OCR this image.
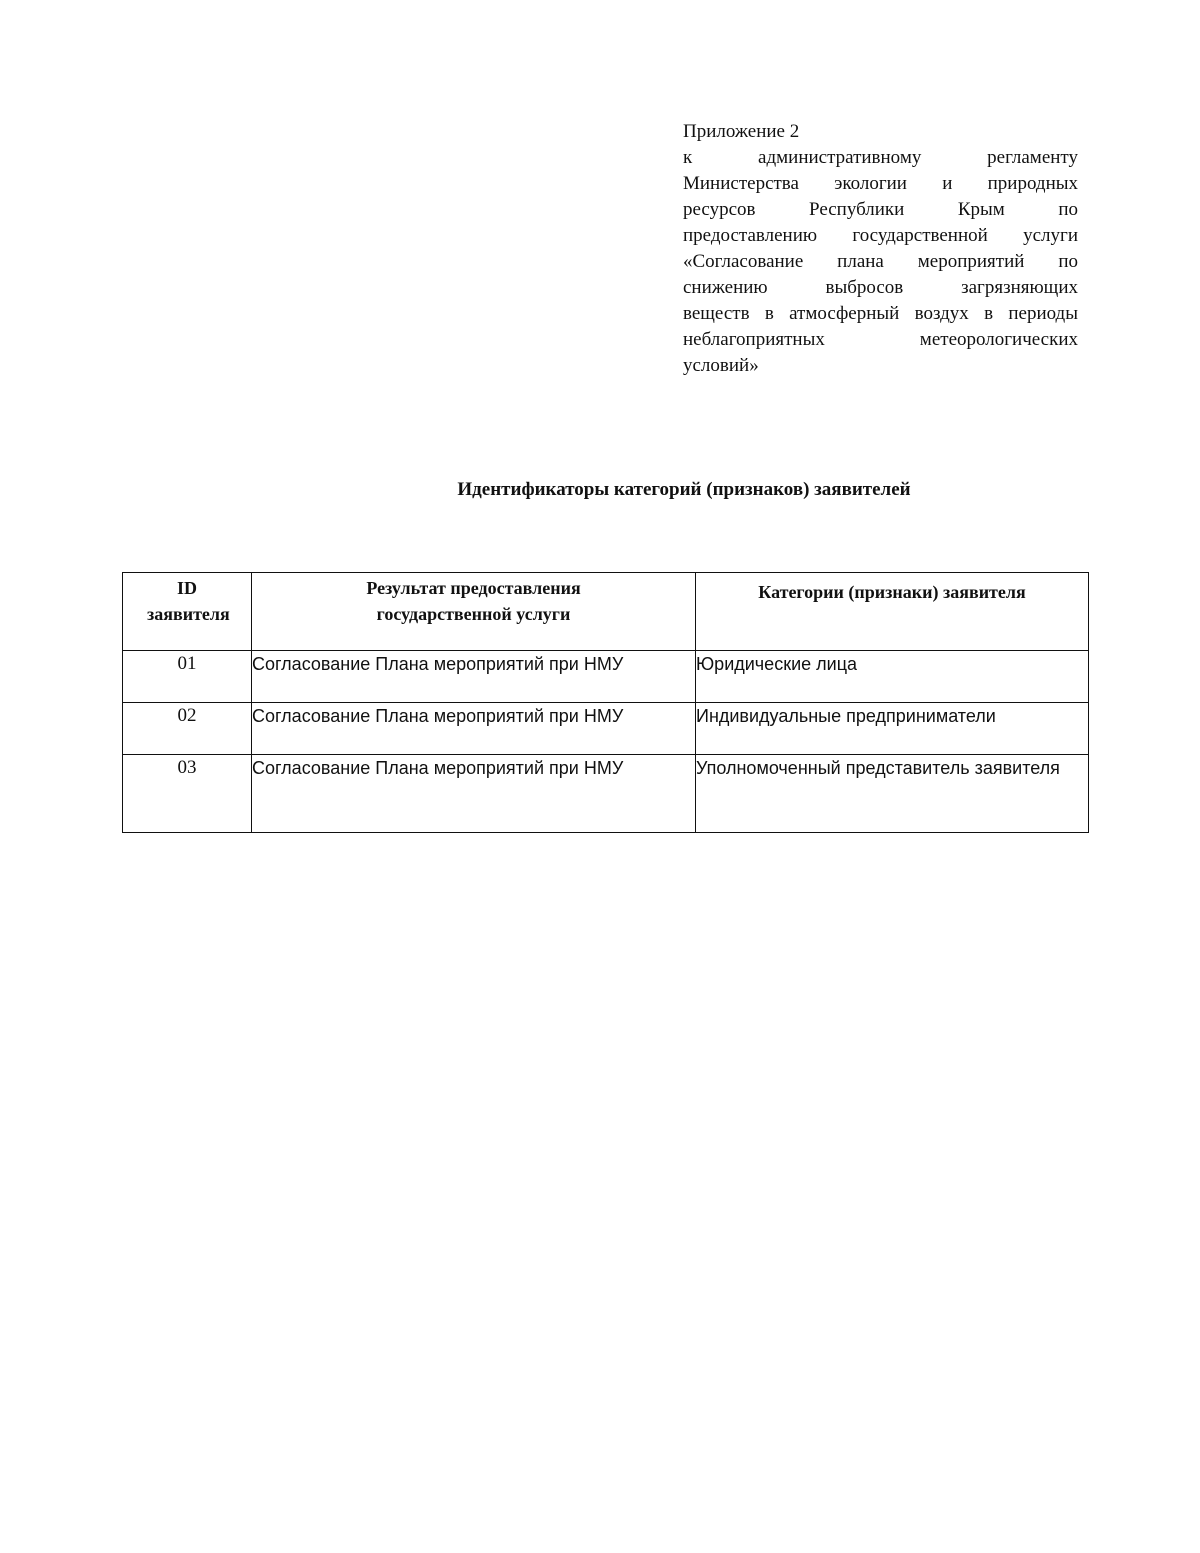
Приложение 2
к административному регламенту
Министерства экологии и природных
ресурсов Республики Крым по
предоставлению государственной услуги
«Согласование плана мероприятий по
снижению выбросов загрязняющих
веществ в атмосферный воздух в периоды
неблагоприятных метеорологических
условий»
Идентификаторы категорий (признаков) заявителей
ID заявителя	Результат предоставления государственной услуги	Категории (признаки) заявителя

01	Согласование Плана мероприятий при НМУ	Юридические лица
02	Согласование Плана мероприятий при НМУ	Индивидуальные предприниматели
03	Согласование Плана мероприятий при НМУ	Уполномоченный представитель заявителя
